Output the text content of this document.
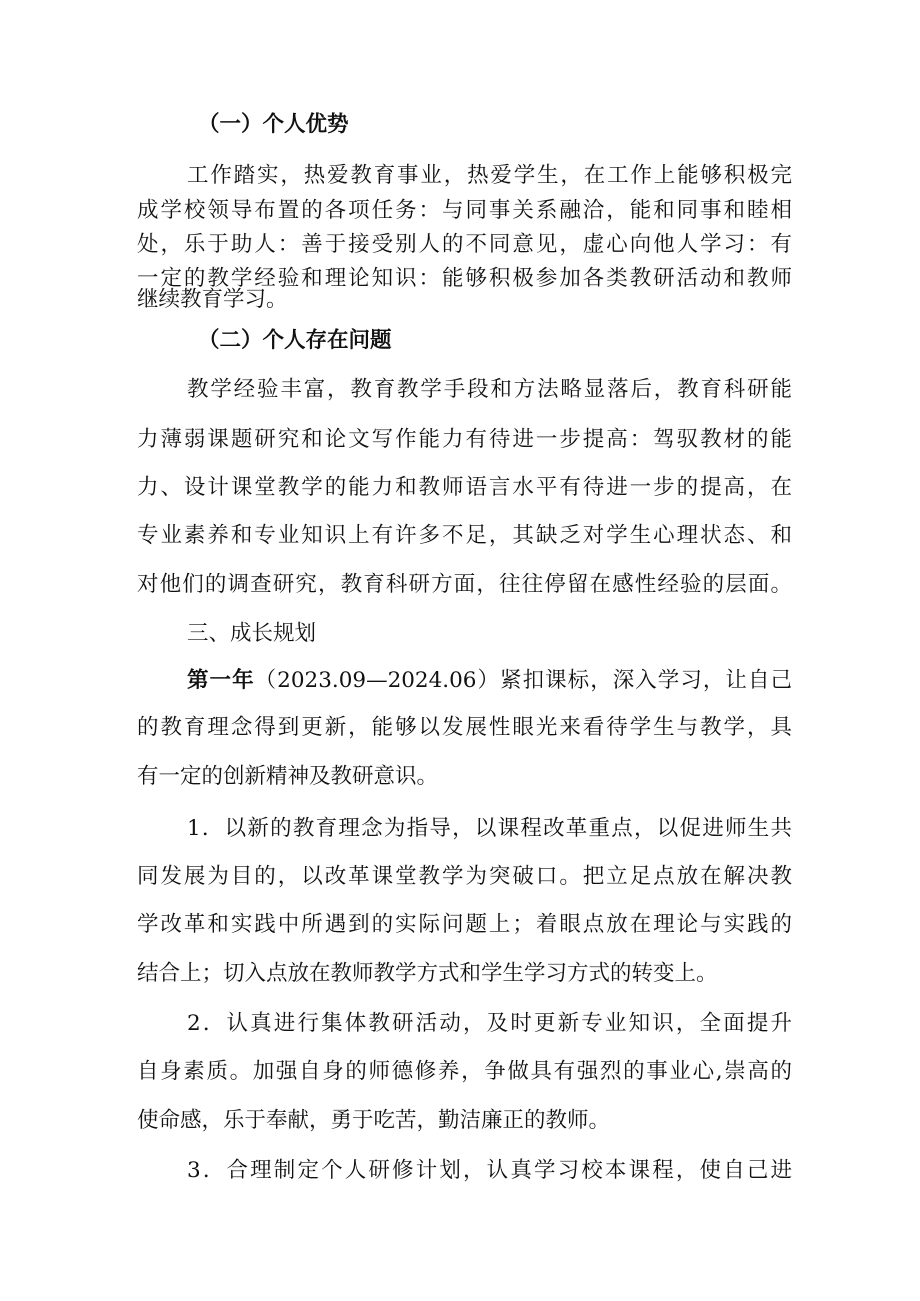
（一）个人优势
工作踏实，热爱教育事业，热爱学生，在工作上能够积极完
成学校领导布置的各项任务：与同事关系融洽，能和同事和睦相
处，乐于助人：善于接受别人的不同意见，虚心向他人学习：有
一定的教学经验和理论知识：能够积极参加各类教研活动和教师
继续教育学习。
（二）个人存在问题
教学经验丰富，教育教学手段和方法略显落后，教育科研能
力薄弱课题研究和论文写作能力有待进一步提高：驾驭教材的能
力、设计课堂教学的能力和教师语言水平有待进一步的提高，在
专业素养和专业知识上有许多不足，其缺乏对学生心理状态、和
对他们的调查研究，教育科研方面，往往停留在感性经验的层面。
三、成长规划
第一年（2023.09—2024.06）紧扣课标，深入学习，让自己
的教育理念得到更新，能够以发展性眼光来看待学生与教学，具
有一定的创新精神及教研意识。
1．以新的教育理念为指导，以课程改革重点，以促进师生共
同发展为目的，以改革课堂教学为突破口。把立足点放在解决教
学改革和实践中所遇到的实际问题上；着眼点放在理论与实践的
结合上；切入点放在教师教学方式和学生学习方式的转变上。
2．认真进行集体教研活动，及时更新专业知识，全面提升
自身素质。加强自身的师德修养，争做具有强烈的事业心,崇高的
使命感，乐于奉献，勇于吃苦，勤洁廉正的教师。
3．合理制定个人研修计划，认真学习校本课程，使自己进
